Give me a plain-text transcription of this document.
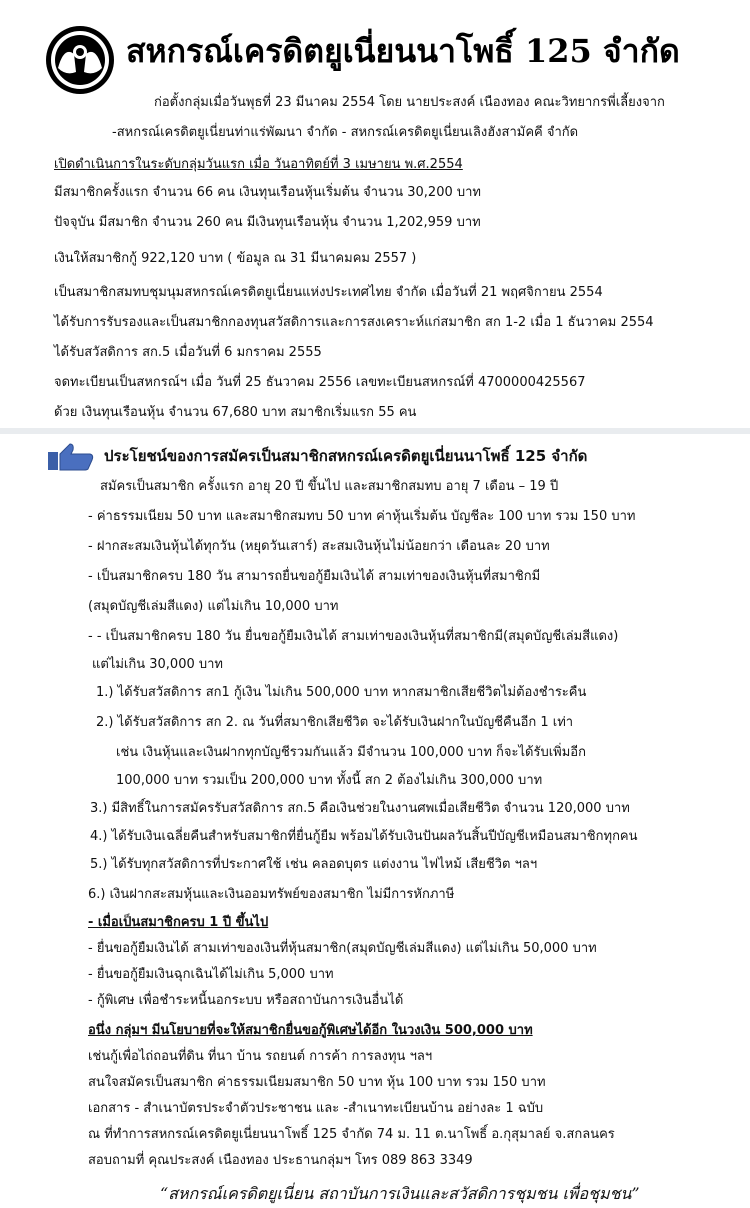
สหกรณ์เครดิตยูเนี่ยนนาโพธิ์ 125 จำกัด
ก่อตั้งกลุ่มเมื่อวันพุธที่ 23 มีนาคม 2554 โดย นายประสงค์ เนืองทอง คณะวิทยากรพี่เลี้ยงจาก
-สหกรณ์เครดิตยูเนี่ยนท่าแร่พัฒนา จำกัด - สหกรณ์เครดิตยูเนี่ยนเลิงฮังสามัคคี จำกัด
เปิดดำเนินการในระดับกลุ่มวันแรก เมื่อ วันอาทิตย์ที่ 3 เมษายน พ.ศ.2554
มีสมาชิกครั้งแรก จำนวน 66 คน เงินทุนเรือนหุ้นเริ่มต้น จำนวน 30,200 บาท
ปัจจุบัน มีสมาชิก จำนวน 260 คน มีเงินทุนเรือนหุ้น จำนวน 1,202,959 บาท
เงินให้สมาชิกกู้ 922,120 บาท ( ข้อมูล ณ 31 มีนาคมคม 2557 )
เป็นสมาชิกสมทบชุมนุมสหกรณ์เครดิตยูเนี่ยนแห่งประเทศไทย จำกัด เมื่อวันที่ 21 พฤศจิกายน 2554
ได้รับการรับรองและเป็นสมาชิกกองทุนสวัสดิการและการสงเคราะห์แก่สมาชิก สก 1-2 เมื่อ 1 ธันวาคม 2554
ได้รับสวัสดิการ สก.5 เมื่อวันที่ 6 มกราคม 2555
จดทะเบียนเป็นสหกรณ์ฯ เมื่อ วันที่ 25 ธันวาคม 2556 เลขทะเบียนสหกรณ์ที่ 4700000425567
ด้วย เงินทุนเรือนหุ้น จำนวน 67,680 บาท สมาชิกเริ่มแรก 55 คน
ประโยชน์ของการสมัครเป็นสมาชิกสหกรณ์เครดิตยูเนี่ยนนาโพธิ์ 125 จำกัด
สมัครเป็นสมาชิก ครั้งแรก อายุ 20 ปี ขึ้นไป และสมาชิกสมทบ อายุ 7 เดือน – 19 ปี
- ค่าธรรมเนียม 50 บาท และสมาชิกสมทบ 50 บาท ค่าหุ้นเริ่มต้น บัญชีละ 100 บาท รวม 150 บาท
- ฝากสะสมเงินหุ้นได้ทุกวัน (หยุดวันเสาร์) สะสมเงินหุ้นไม่น้อยกว่า เดือนละ 20 บาท
- เป็นสมาชิกครบ 180 วัน สามารถยื่นขอกู้ยืมเงินได้ สามเท่าของเงินหุ้นที่สมาชิกมี
(สมุดบัญชีเล่มสีแดง) แต่ไม่เกิน 10,000 บาท
- - เป็นสมาชิกครบ 180 วัน ยื่นขอกู้ยืมเงินได้ สามเท่าของเงินหุ้นที่สมาชิกมี(สมุดบัญชีเล่มสีแดง)
แต่ไม่เกิน 30,000 บาท
1.) ได้รับสวัสดิการ สก1 กู้เงิน ไม่เกิน 500,000 บาท หากสมาชิกเสียชีวิตไม่ต้องชำระคืน
2.) ได้รับสวัสดิการ สก 2. ณ วันที่สมาชิกเสียชีวิต จะได้รับเงินฝากในบัญชีคืนอีก 1 เท่า
เช่น เงินหุ้นและเงินฝากทุกบัญชีรวมกันแล้ว มีจำนวน 100,000 บาท ก็จะได้รับเพิ่มอีก
100,000 บาท รวมเป็น 200,000 บาท ทั้งนี้ สก 2 ต้องไม่เกิน 300,000 บาท
3.) มีสิทธิ์ในการสมัครรับสวัสดิการ สก.5 คือเงินช่วยในงานศพเมื่อเสียชีวิต จำนวน 120,000 บาท
4.) ได้รับเงินเฉลี่ยคืนสำหรับสมาชิกที่ยื่นกู้ยืม พร้อมได้รับเงินปันผลวันสิ้นปีบัญชีเหมือนสมาชิกทุกคน
5.) ได้รับทุกสวัสดิการที่ประกาศใช้ เช่น คลอดบุตร แต่งงาน ไฟไหม้ เสียชีวิต ฯลฯ
6.) เงินฝากสะสมหุ้นและเงินออมทรัพย์ของสมาชิก ไม่มีการหักภาษี
- เมื่อเป็นสมาชิกครบ 1 ปี ขึ้นไป
- ยื่นขอกู้ยืมเงินได้ สามเท่าของเงินที่หุ้นสมาชิก(สมุดบัญชีเล่มสีแดง) แต่ไม่เกิน 50,000 บาท
- ยื่นขอกู้ยืมเงินฉุกเฉินได้ไม่เกิน 5,000 บาท
- กู้พิเศษ เพื่อชำระหนี้นอกระบบ หรือสถาบันการเงินอื่นได้
อนึ่ง กลุ่มฯ มีนโยบายที่จะให้สมาชิกยื่นขอกู้พิเศษได้อีก ในวงเงิน 500,000 บาท
เช่นกู้เพื่อไถ่ถอนที่ดิน ที่นา บ้าน รถยนต์ การค้า การลงทุน ฯลฯ
สนใจสมัครเป็นสมาชิก ค่าธรรมเนียมสมาชิก 50 บาท หุ้น 100 บาท รวม 150 บาท
เอกสาร - สำเนาบัตรประจำตัวประชาชน และ -สำเนาทะเบียนบ้าน อย่างละ 1 ฉบับ
ณ ที่ทำการสหกรณ์เครดิตยูเนี่ยนนาโพธิ์ 125 จำกัด 74 ม. 11 ต.นาโพธิ์ อ.กุสุมาลย์ จ.สกลนคร
สอบถามที่ คุณประสงค์ เนืองทอง ประธานกลุ่มฯ โทร 089 863 3349
“สหกรณ์เครดิตยูเนี่ยน สถาบันการเงินและสวัสดิการชุมชน เพื่อชุมชน”
